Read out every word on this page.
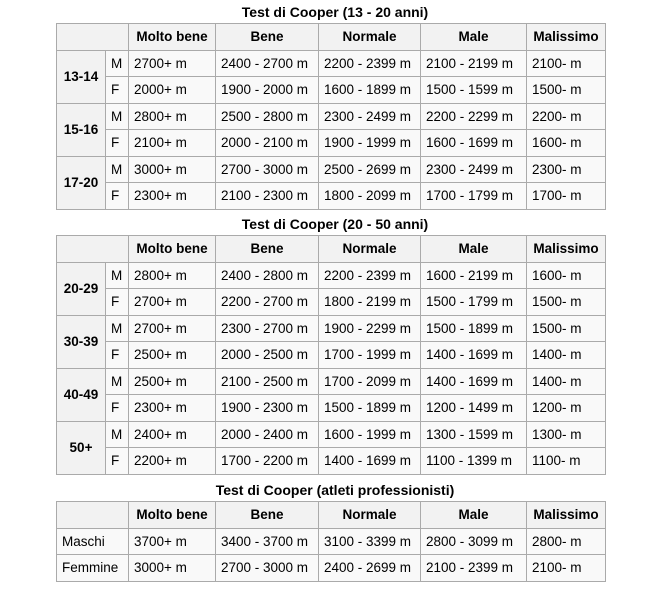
Test di Cooper (13 - 20 anni)
		Molto bene	Bene	Normale	Male	Malissimo
13-14	M	2700+ m	2400 - 2700 m	2200 - 2399 m	2100 - 2199 m	2100- m
	F	2000+ m	1900 - 2000 m	1600 - 1899 m	1500 - 1599 m	1500- m
15-16	M	2800+ m	2500 - 2800 m	2300 - 2499 m	2200 - 2299 m	2200- m
	F	2100+ m	2000 - 2100 m	1900 - 1999 m	1600 - 1699 m	1600- m
17-20	M	3000+ m	2700 - 3000 m	2500 - 2699 m	2300 - 2499 m	2300- m
	F	2300+ m	2100 - 2300 m	1800 - 2099 m	1700 - 1799 m	1700- m
Test di Cooper (20 - 50 anni)
		Molto bene	Bene	Normale	Male	Malissimo
20-29	M	2800+ m	2400 - 2800 m	2200 - 2399 m	1600 - 2199 m	1600- m
	F	2700+ m	2200 - 2700 m	1800 - 2199 m	1500 - 1799 m	1500- m
30-39	M	2700+ m	2300 - 2700 m	1900 - 2299 m	1500 - 1899 m	1500- m
	F	2500+ m	2000 - 2500 m	1700 - 1999 m	1400 - 1699 m	1400- m
40-49	M	2500+ m	2100 - 2500 m	1700 - 2099 m	1400 - 1699 m	1400- m
	F	2300+ m	1900 - 2300 m	1500 - 1899 m	1200 - 1499 m	1200- m
50+	M	2400+ m	2000 - 2400 m	1600 - 1999 m	1300 - 1599 m	1300- m
	F	2200+ m	1700 - 2200 m	1400 - 1699 m	1100 - 1399 m	1100- m
Test di Cooper (atleti professionisti)
	Molto bene	Bene	Normale	Male	Malissimo
Maschi	3700+ m	3400 - 3700 m	3100 - 3399 m	2800 - 3099 m	2800- m
Femmine	3000+ m	2700 - 3000 m	2400 - 2699 m	2100 - 2399 m	2100- m
